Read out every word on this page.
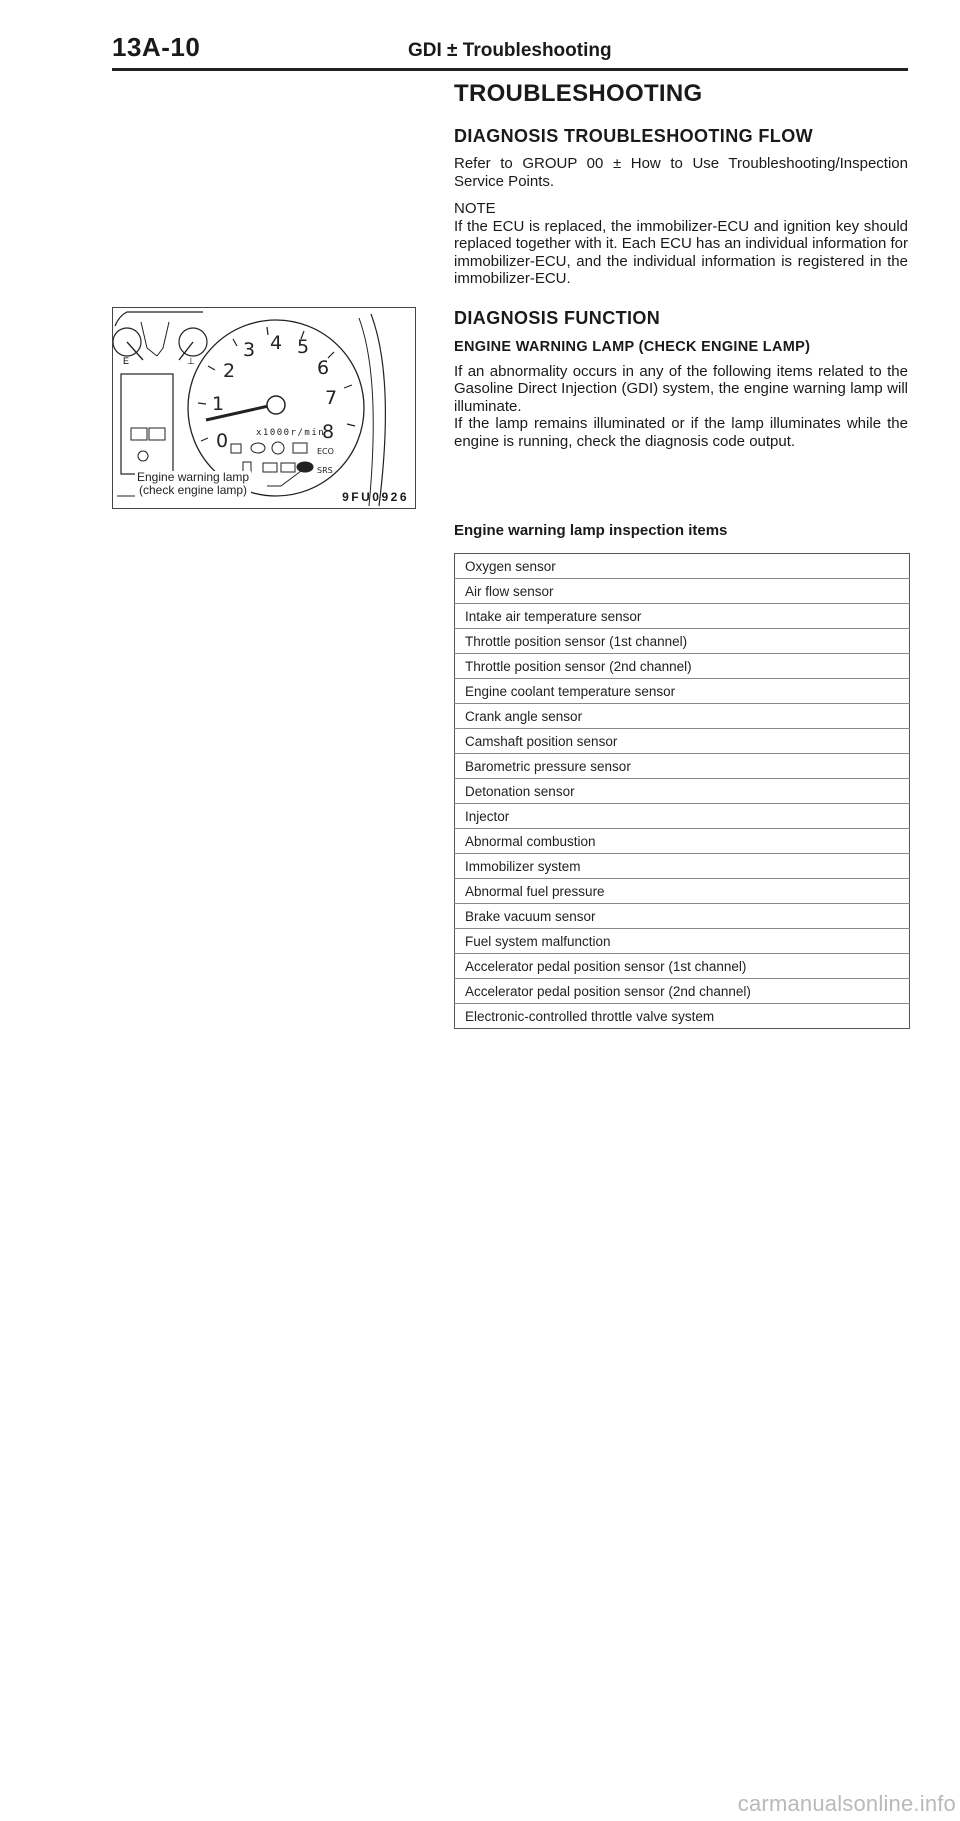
13A-10	GDI ± Troubleshooting
TROUBLESHOOTING
DIAGNOSIS TROUBLESHOOTING FLOW

Refer to GROUP 00 ± How to Use Troubleshooting/Inspection Service Points.

NOTE

If the ECU is replaced, the immobilizer-ECU and ignition key should replaced together with it. Each ECU has an individual information for immobilizer-ECU, and the individual information is registered in the immobilizer-ECU.

DIAGNOSIS FUNCTION
ENGINE WARNING LAMP (CHECK ENGINE LAMP)

If an abnormality occurs in any of the following items related to the Gasoline Direct Injection (GDI) system, the engine warning lamp will illuminate.

If the lamp remains illuminated or if the lamp illuminates while the engine is running, check the diagnosis code output.

E	⊥
0
1
2
3 4 5
6
7
8
x1000r/min
ECO
SRS
Engine warning lamp
(check engine lamp)	9FU0926
Engine warning lamp inspection items
Oxygen sensor
Air flow sensor
Intake air temperature sensor
Throttle position sensor (1st channel)
Throttle position sensor (2nd channel)
Engine coolant temperature sensor
Crank angle sensor
Camshaft position sensor
Barometric pressure sensor
Detonation sensor
Injector
Abnormal combustion
Immobilizer system
Abnormal fuel pressure
Brake vacuum sensor
Fuel system malfunction
Accelerator pedal position sensor (1st channel)
Accelerator pedal position sensor (2nd channel)
Electronic-controlled throttle valve system
carmanualsonline.info
